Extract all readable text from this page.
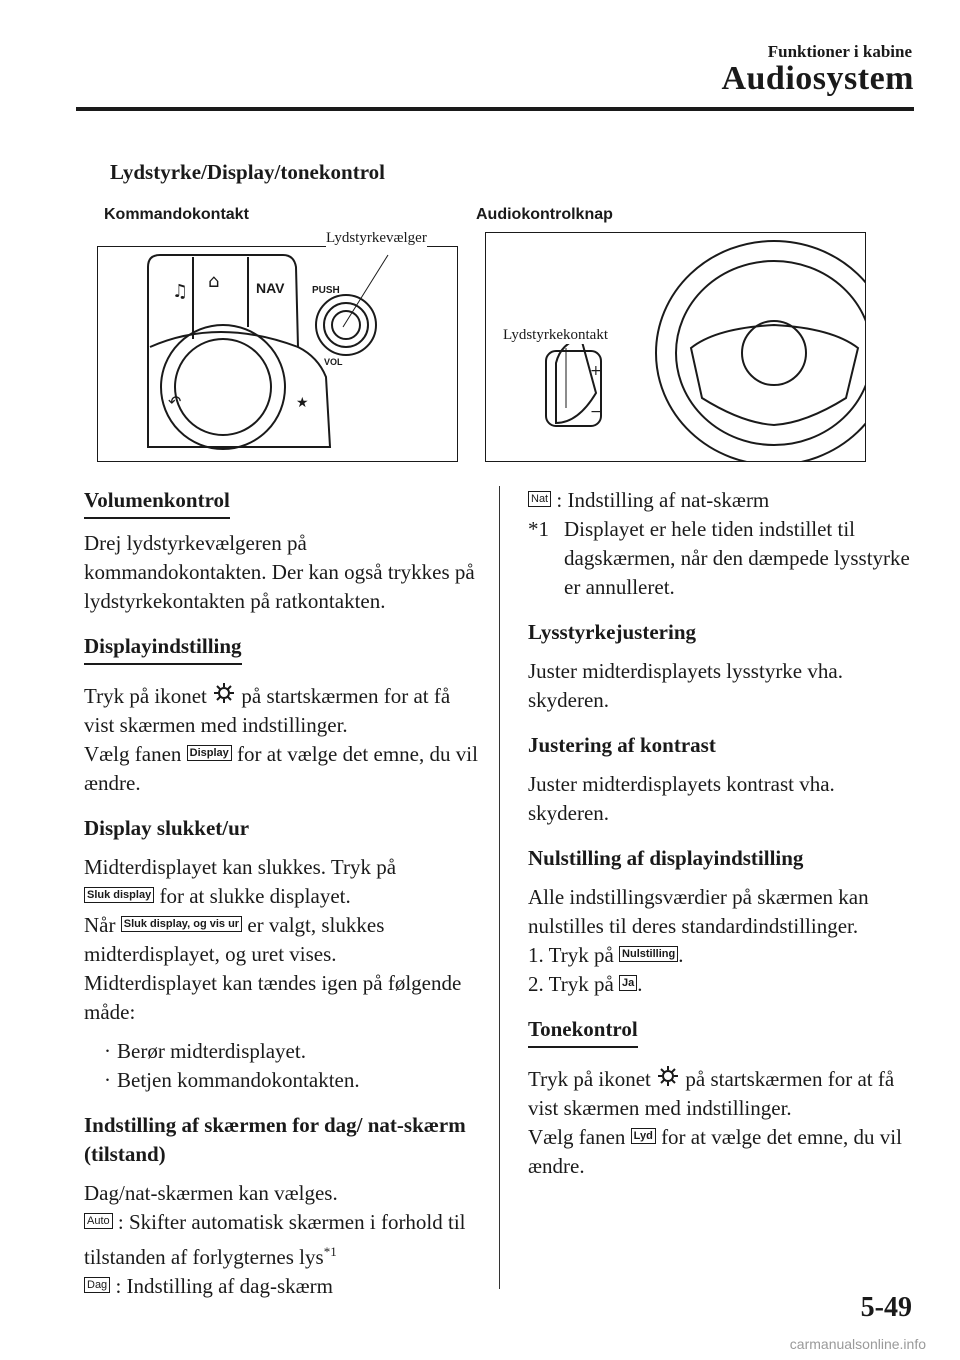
Funktioner i kabine
Audiosystem
Lydstyrke/Display/tonekontrol
Kommandokontakt	Audiokontrolknap
♫ ⌂	NAV
↶	★
PUSH
VOL
Lydstyrkevælger
+
−
Lydstyrkekontakt
Volumenkontrol

Drej lydstyrkevælgeren på kommandokontakten. Der kan også trykkes på lydstyrkekontakten på ratkontakten.

Displayindstilling

Tryk på ikonet på startskærmen for at få vist skærmen med indstillinger.

Vælg fanen Display for at vælge det emne, du vil ændre.

Display slukket/ur

Midterdisplayet kan slukkes. Tryk på
Sluk display for at slukke displayet.

Når Sluk display, og vis ur er valgt, slukkes midterdisplayet, og uret vises.

Midterdisplayet kan tændes igen på følgende måde:

· Berør midterdisplayet.

· Betjen kommandokontakten.

Indstilling af skærmen for dag/ nat-skærm (tilstand)

Dag/nat-skærmen kan vælges.

Auto : Skifter automatisk skærmen i forhold til tilstanden af forlygternes lys$^{*1}$

Dag : Indstilling af dag-skærm

Nat : Indstilling af nat-skærm

*1 Displayet er hele tiden indstillet til dagskærmen, når den dæmpede lysstyrke er annulleret.
Lysstyrkejustering

Juster midterdisplayets lysstyrke vha. skyderen.

Justering af kontrast

Juster midterdisplayets kontrast vha. skyderen.

Nulstilling af displayindstilling

Alle indstillingsværdier på skærmen kan nulstilles til deres standardindstillinger.

1. Tryk på Nulstilling .

2. Tryk på Ja .

Tonekontrol

Tryk på ikonet på startskærmen for at få vist skærmen med indstillinger.

Vælg fanen Lyd for at vælge det emne, du vil ændre.

5-49
carmanualsonline.info
